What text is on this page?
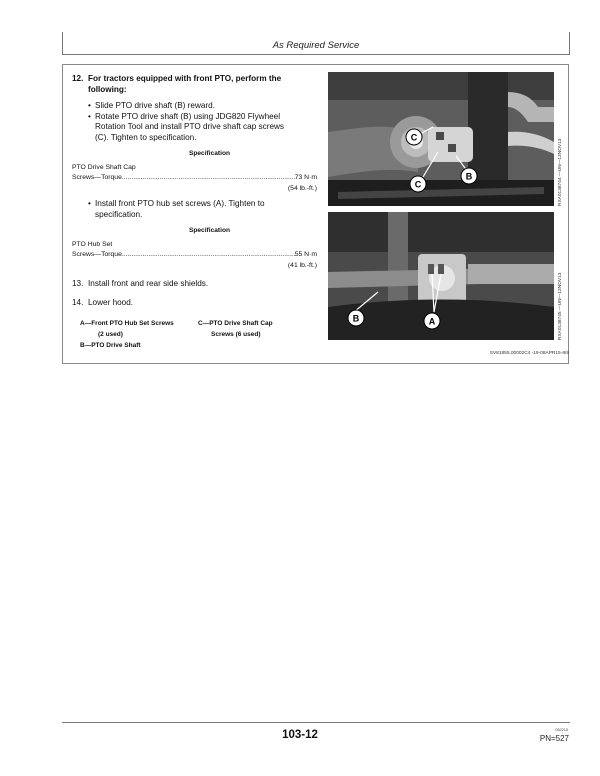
As Required Service

12. For tractors equipped with front PTO, perform the
following:

• Slide PTO drive shaft (B) reward.
• Rotate PTO drive shaft (B) using JDG820 Flywheel
Rotation Tool and install PTO drive shaft cap screws
(C). Tighten to specification.
Specification
PTO Drive Shaft Cap
Screws—Torque .....	73 N·m
(54 lb.-ft.)
• Install front PTO hub set screws (A). Tighten to
specification.
Specification
PTO Hub Set
Screws—Torque .....	55 N·m
(41 lb.-ft.)

13. Install front and rear side shields.

14. Lower hood.

A—Front PTO Hub Set Screws
(2 used)
B—PTO Drive Shaft
C—PTO Drive Shaft Cap
Screws (6 used)
C
C
B	RXA0138744 —UN—13NOV13
B	A	RXA0138745 —UN—13NOV13
SV81855,00002C4 -19-08APR15-8/8
103-12	062215
PN=527
